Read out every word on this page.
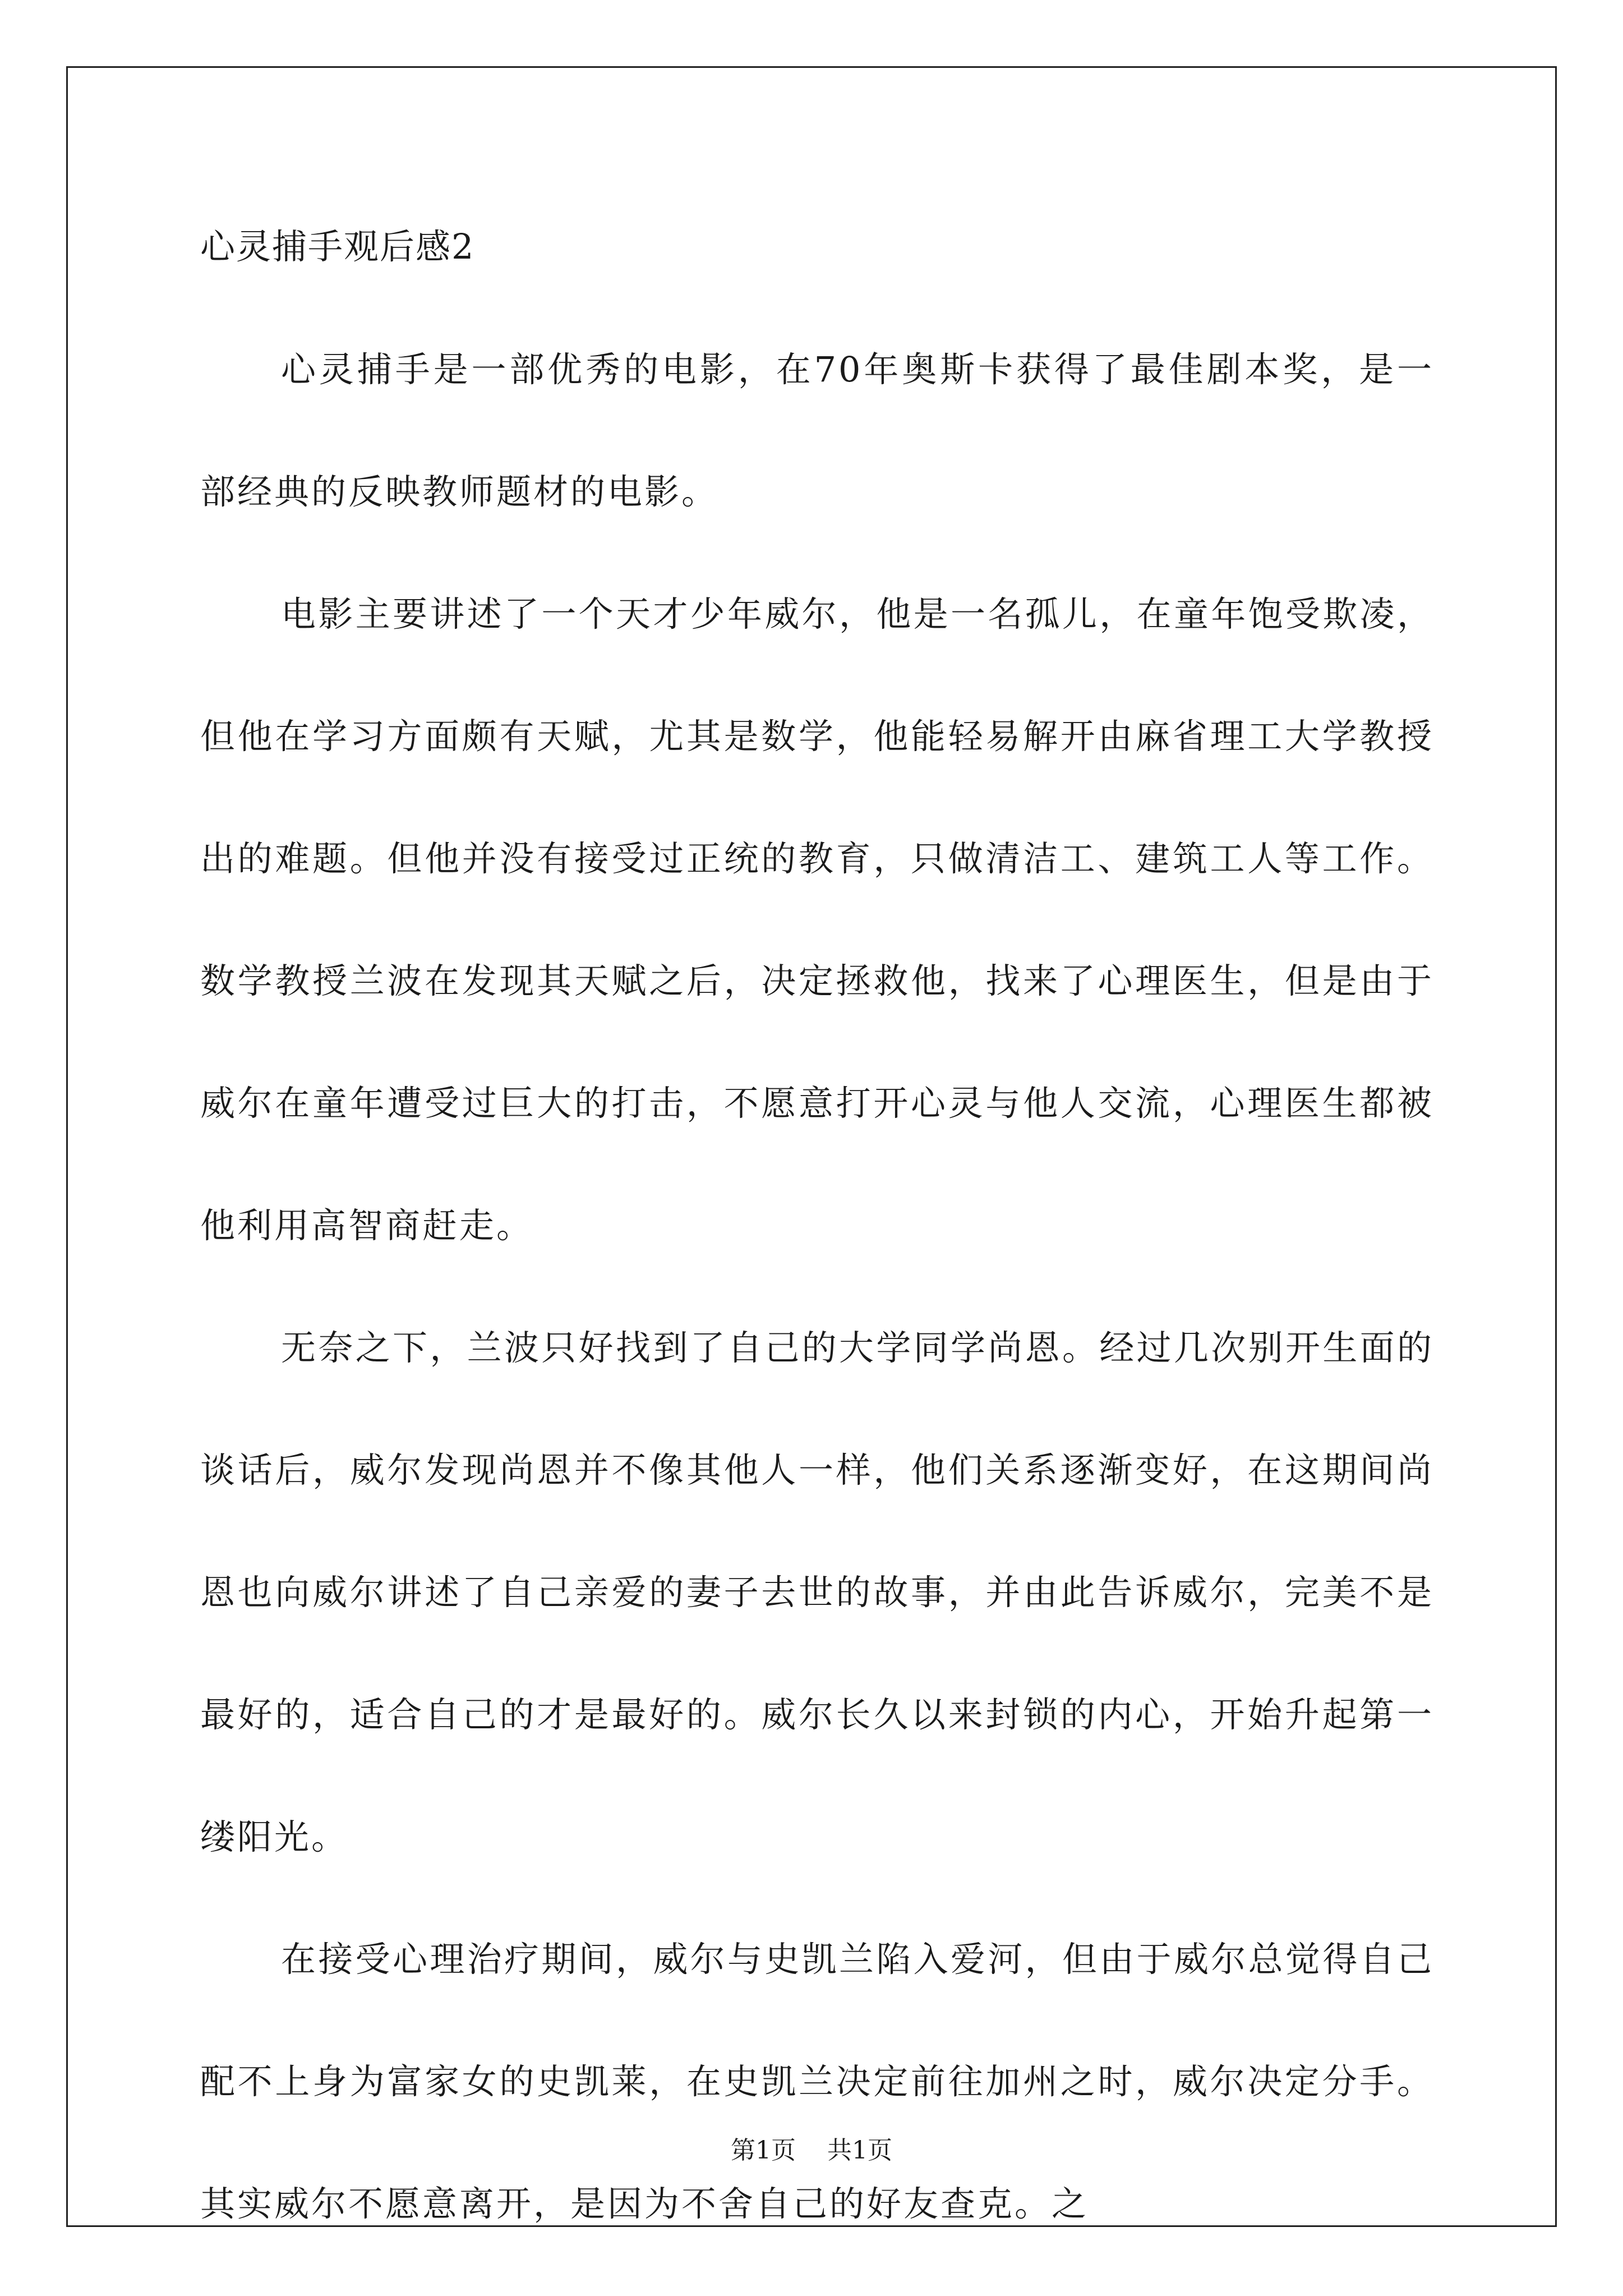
心灵捕手观后感2

心灵捕手是一部优秀的电影，在70年奥斯卡获得了最佳剧本奖，是一部经典的反映教师题材的电影。

电影主要讲述了一个天才少年威尔，他是一名孤儿，在童年饱受欺凌，但他在学习方面颇有天赋，尤其是数学，他能轻易解开由麻省理工大学教授出的难题。但他并没有接受过正统的教育，只做清洁工、建筑工人等工作。数学教授兰波在发现其天赋之后，决定拯救他，找来了心理医生，但是由于威尔在童年遭受过巨大的打击，不愿意打开心灵与他人交流，心理医生都被他利用高智商赶走。

无奈之下，兰波只好找到了自己的大学同学尚恩。经过几次别开生面的谈话后，威尔发现尚恩并不像其他人一样，他们关系逐渐变好，在这期间尚恩也向威尔讲述了自己亲爱的妻子去世的故事，并由此告诉威尔，完美不是最好的，适合自己的才是最好的。威尔长久以来封锁的内心，开始升起第一缕阳光。

在接受心理治疗期间，威尔与史凯兰陷入爱河，但由于威尔总觉得自己配不上身为富家女的史凯莱，在史凯兰决定前往加州之时，威尔决定分手。其实威尔不愿意离开，是因为不舍自己的好友查克。之

第1页 共1页
